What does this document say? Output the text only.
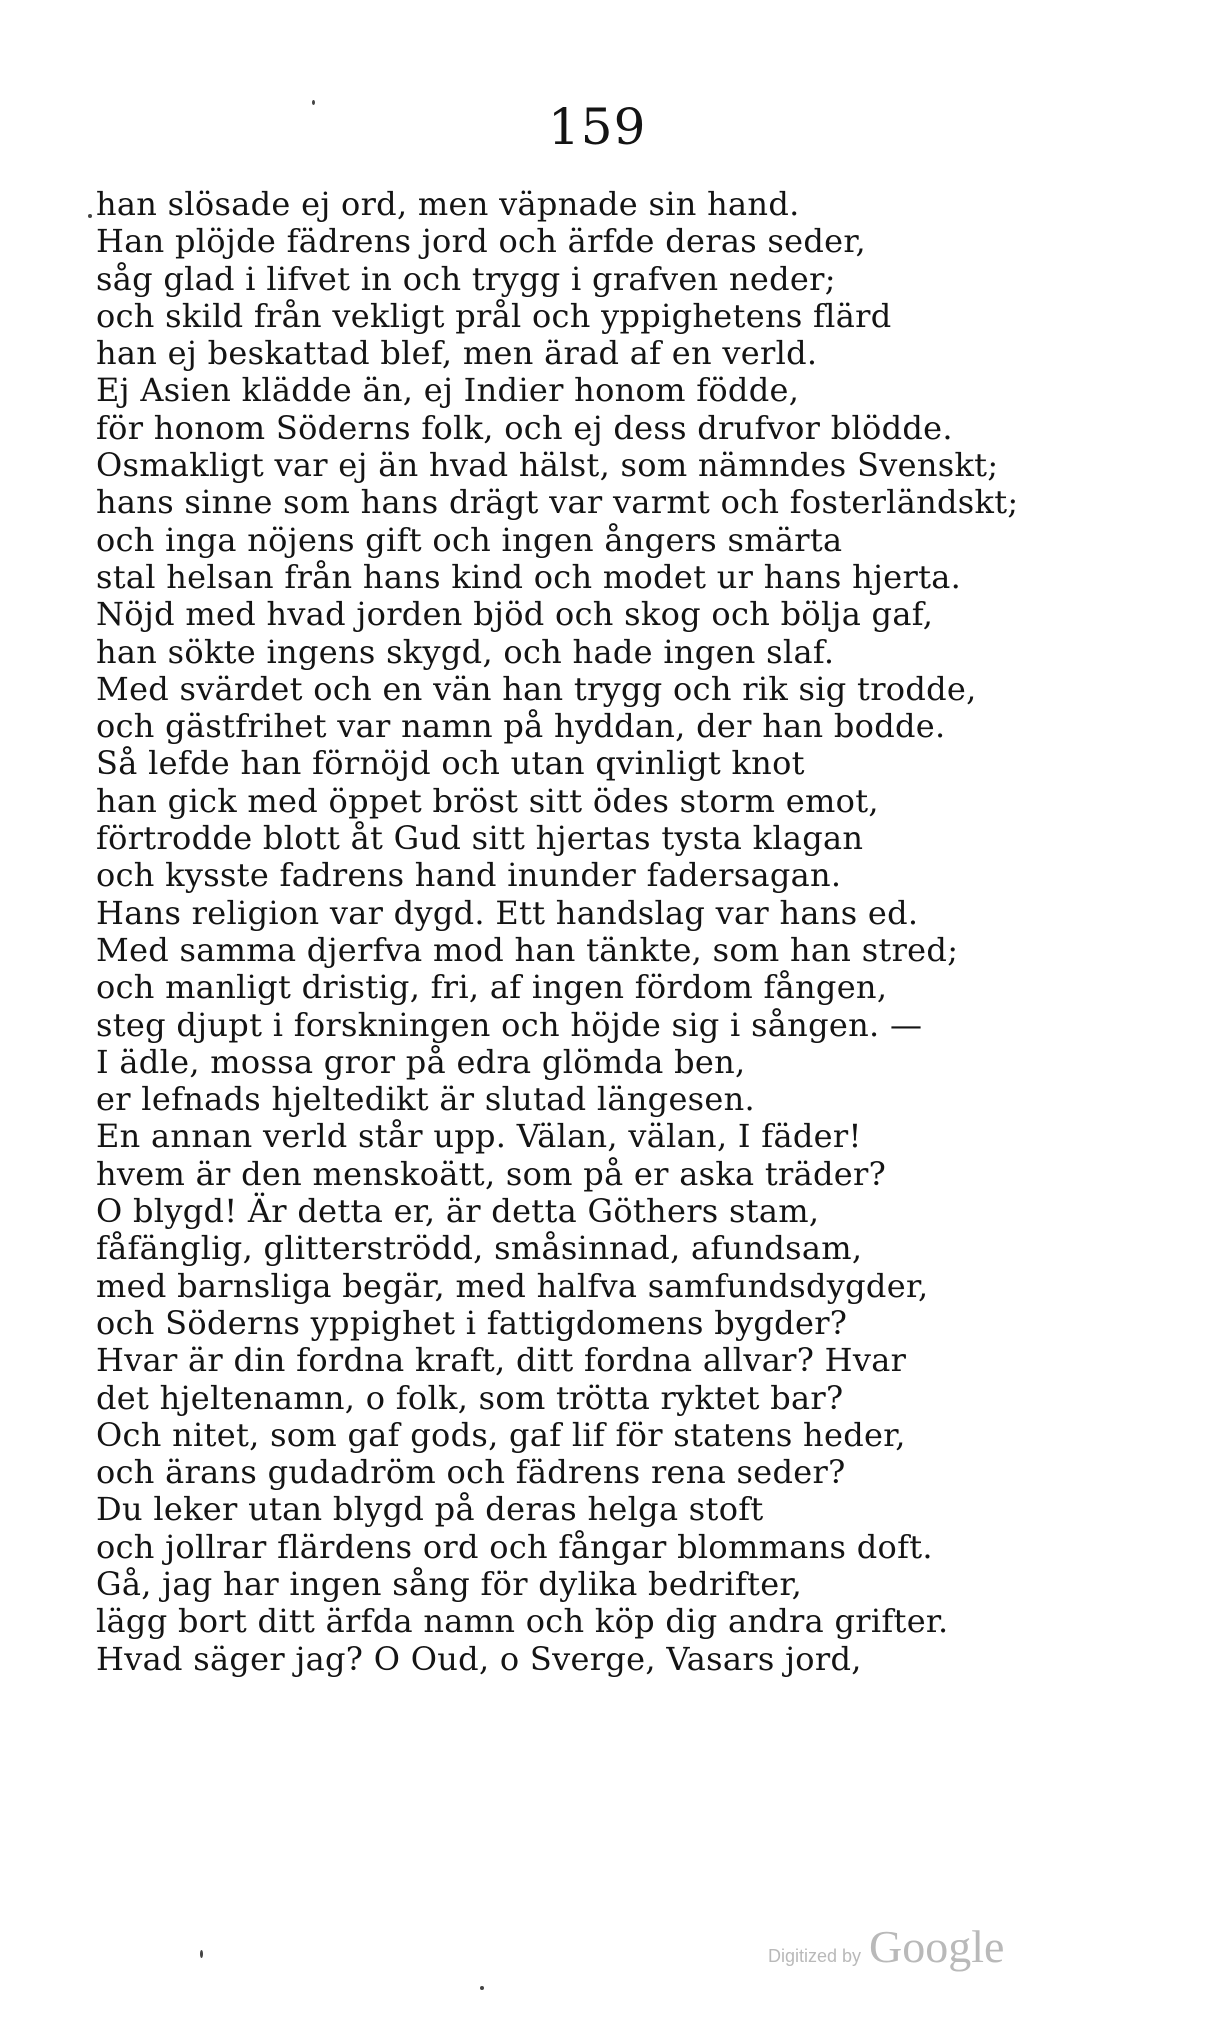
159
han slösade ej ord, men väpnade sin hand.
Han plöjde fädrens jord och ärfde deras seder,
såg glad i lifvet in och trygg i grafven neder;
och skild från vekligt prål och yppighetens flärd
han ej beskattad blef, men ärad af en verld.
Ej Asien klädde än, ej Indier honom födde,
för honom Söderns folk, och ej dess drufvor blödde.
Osmakligt var ej än hvad hälst, som nämndes Svenskt;
hans sinne som hans drägt var varmt och fosterländskt;
och inga nöjens gift och ingen ångers smärta
stal helsan från hans kind och modet ur hans hjerta.
Nöjd med hvad jorden bjöd och skog och bölja gaf,
han sökte ingens skygd, och hade ingen slaf.
Med svärdet och en vän han trygg och rik sig trodde,
och gästfrihet var namn på hyddan, der han bodde.
Så lefde han förnöjd och utan qvinligt knot
han gick med öppet bröst sitt ödes storm emot,
förtrodde blott åt Gud sitt hjertas tysta klagan
och kysste fadrens hand inunder fadersagan.
Hans religion var dygd. Ett handslag var hans ed.
Med samma djerfva mod han tänkte, som han stred;
och manligt dristig, fri, af ingen fördom fången,
steg djupt i forskningen och höjde sig i sången. —
I ädle, mossa gror på edra glömda ben,
er lefnads hjeltedikt är slutad längesen.
En annan verld står upp. Välan, välan, I fäder!
hvem är den menskoätt, som på er aska träder?
O blygd! Är detta er, är detta Göthers stam,
fåfänglig, glitterströdd, småsinnad, afundsam,
med barnsliga begär, med halfva samfundsdygder,
och Söderns yppighet i fattigdomens bygder?
Hvar är din fordna kraft, ditt fordna allvar? Hvar
det hjeltenamn, o folk, som trötta ryktet bar?
Och nitet, som gaf gods, gaf lif för statens heder,
och ärans gudadröm och fädrens rena seder?
Du leker utan blygd på deras helga stoft
och jollrar flärdens ord och fångar blommans doft.
Gå, jag har ingen sång för dylika bedrifter,
lägg bort ditt ärfda namn och köp dig andra grifter.
Hvad säger jag? O Oud, o Sverge, Vasars jord,
Digitized by Google
